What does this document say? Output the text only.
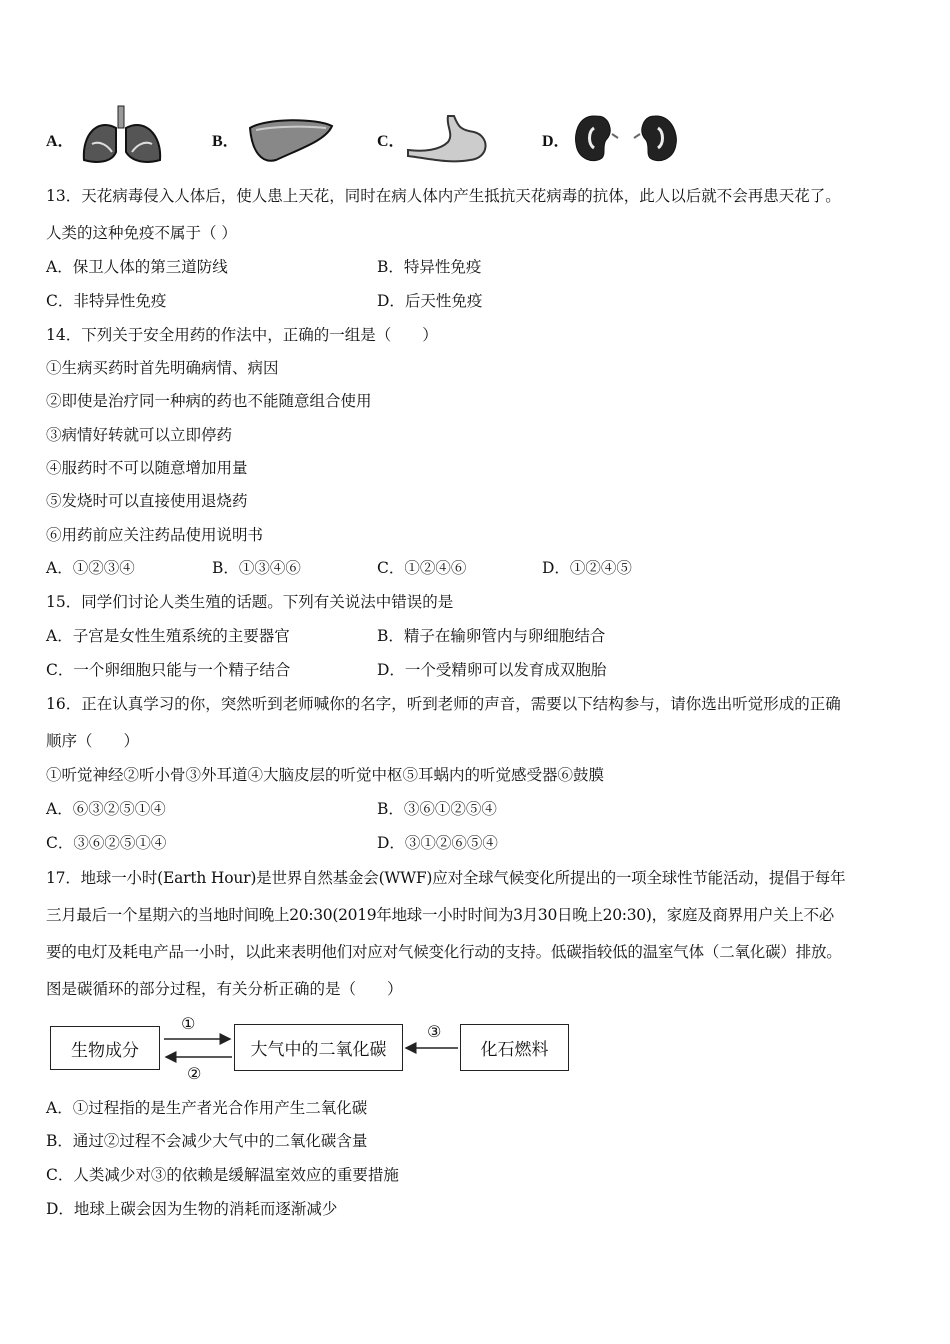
A．	B．	C．	D．
13．天花病毒侵入人体后，使人患上天花，同时在病人体内产生抵抗天花病毒的抗体，此人以后就不会再患天花了。
人类的这种免疫不属于（ ）
A．保卫人体的第三道防线	B．特异性免疫
C．非特异性免疫	D．后天性免疫
14．下列关于安全用药的作法中，正确的一组是（　　）
①生病买药时首先明确病情、病因
②即使是治疗同一种病的药也不能随意组合使用
③病情好转就可以立即停药
④服药时不可以随意增加用量
⑤发烧时可以直接使用退烧药
⑥用药前应关注药品使用说明书
A．①②③④	B．①③④⑥	C．①②④⑥	D．①②④⑤
15．同学们讨论人类生殖的话题。下列有关说法中错误的是
A．子宫是女性生殖系统的主要器官	B．精子在输卵管内与卵细胞结合
C．一个卵细胞只能与一个精子结合	D．一个受精卵可以发育成双胞胎
16．正在认真学习的你，突然听到老师喊你的名字，听到老师的声音，需要以下结构参与，请你选出听觉形成的正确
顺序（　　）
①听觉神经②听小骨③外耳道④大脑皮层的听觉中枢⑤耳蜗内的听觉感受器⑥鼓膜
A．⑥③②⑤①④	B．③⑥①②⑤④
C．③⑥②⑤①④	D．③①②⑥⑤④
17．地球一小时(Earth Hour)是世界自然基金会(WWF)应对全球气候变化所提出的一项全球性节能活动，提倡于每年
三月最后一个星期六的当地时间晚上20:30(2019年地球一小时时间为3月30日晚上20:30)，家庭及商界用户关上不必
要的电灯及耗电产品一小时，以此来表明他们对应对气候变化行动的支持。低碳指较低的温室气体（二氧化碳）排放。
图是碳循环的部分过程，有关分析正确的是（　　）
生物成分	大气中的二氧化碳	化石燃料
①
②
③
A．①过程指的是生产者光合作用产生二氧化碳
B．通过②过程不会减少大气中的二氧化碳含量
C．人类减少对③的依赖是缓解温室效应的重要措施
D．地球上碳会因为生物的消耗而逐渐减少
